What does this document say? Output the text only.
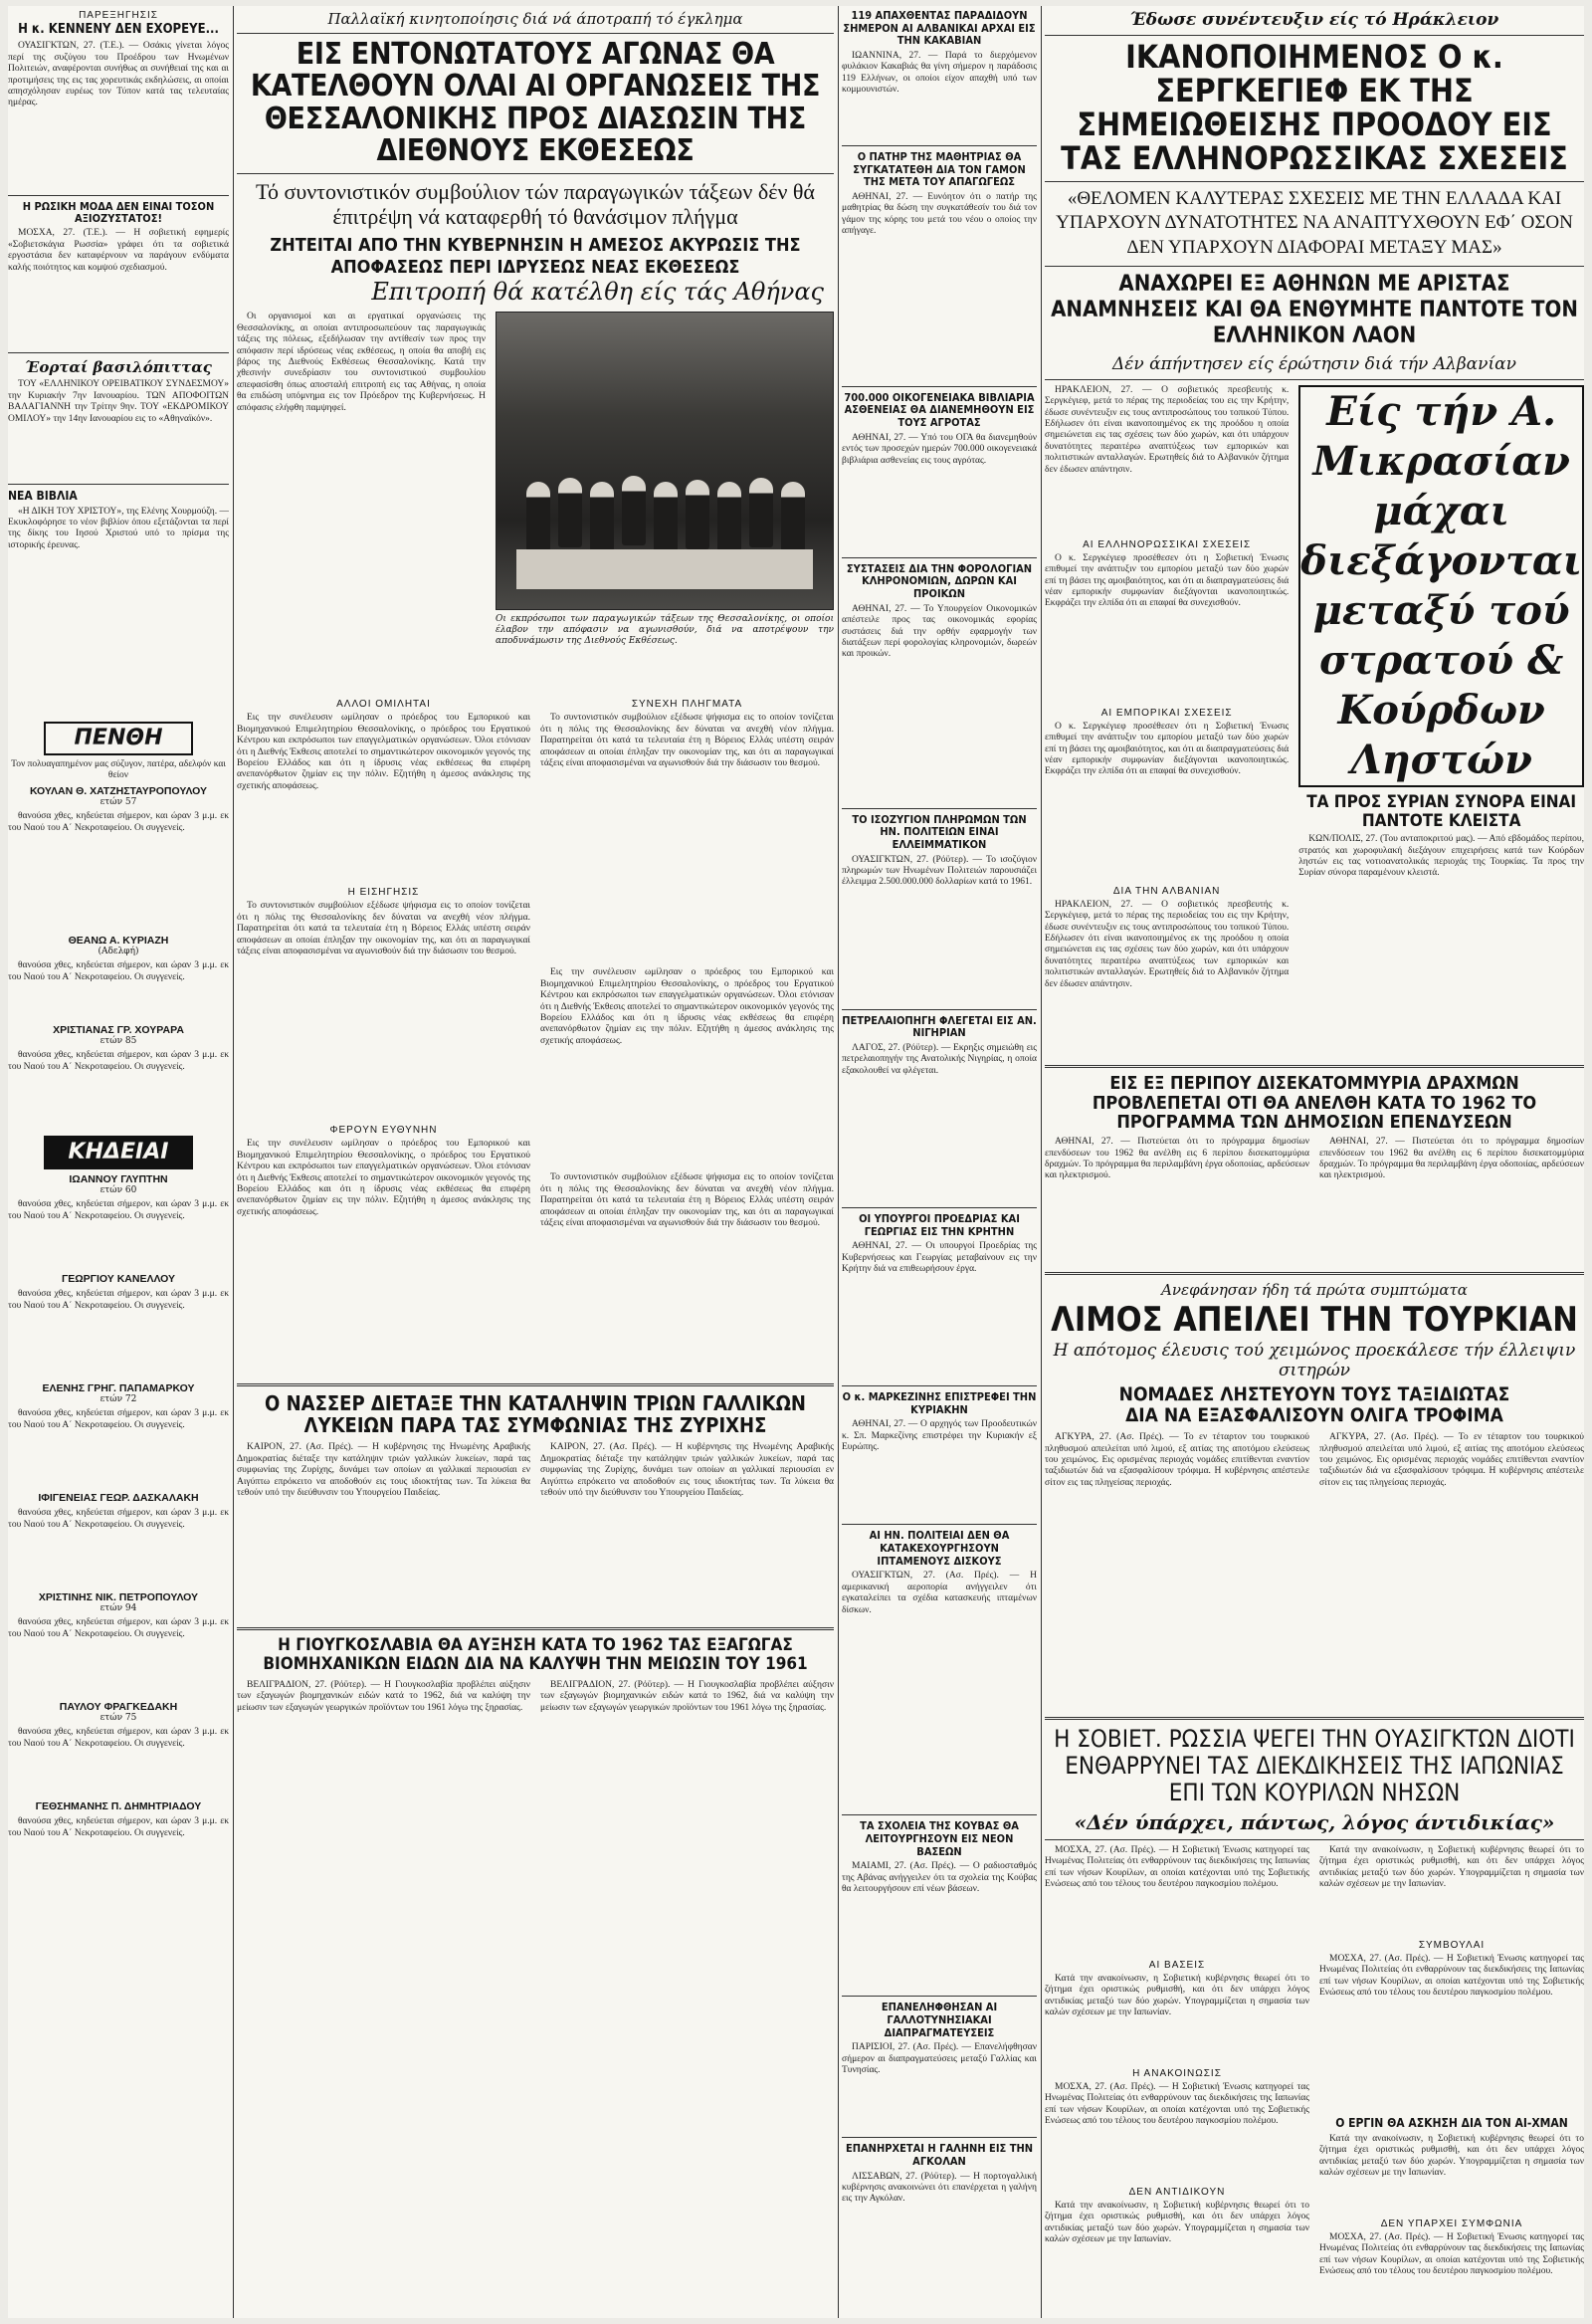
ΠΑΡΕΞΗΓΗΣΙΣ
Η κ. ΚΕΝΝΕΝΥ ΔΕΝ ΕΧΟΡΕΥΕ...
ΟΥΑΣΙΓΚΤΩΝ, 27. (Τ.Ε.). — Οσάκις γίνεται λόγος περί της συζύγου του Προέδρου των Ηνωμένων Πολιτειών, αναφέρονται συνήθως αι συνήθειαί της και αι προτιμήσεις της εις τας χορευτικάς εκδηλώσεις, αι οποίαι απησχόλησαν ευρέως τον Τύπον κατά τας τελευταίας ημέρας.
Η ΡΩΣΙΚΗ ΜΟΔΑ ΔΕΝ ΕΙΝΑΙ ΤΟΣΟΝ ΑΞΙΟΖΥΣΤΑΤΟΣ!
ΜΟΣΧΑ, 27. (Τ.Ε.). — Η σοβιετική εφημερίς «Σοβιετσκάγια Ρωσσία» γράφει ότι τα σοβιετικά εργοστάσια δεν καταφέρνουν να παράγουν ενδύματα καλής ποιότητος και κομψού σχεδιασμού.
Έορταί βασιλόπιττας
ΤΟΥ «ΕΛΛΗΝΙΚΟΥ ΟΡΕΙΒΑΤΙΚΟΥ ΣΥΝΔΕΣΜΟΥ» την Κυριακήν 7ην Ιανουαρίου. ΤΩΝ ΑΠΟΦΟΙΤΩΝ ΒΑΛΑΓΙΑΝΝΗ την Τρίτην 9ην. ΤΟΥ «ΕΚΔΡΟΜΙΚΟΥ ΟΜΙΛΟΥ» την 14ην Ιανουαρίου εις το «Αθηναϊκόν».
ΝΕΑ ΒΙΒΛΙΑ
«Η ΔΙΚΗ ΤΟΥ ΧΡΙΣΤΟΥ», της Ελένης Χουρμούζη. — Εκυκλοφόρησε το νέον βιβλίον όπου εξετάζονται τα περί της δίκης του Ιησού Χριστού υπό το πρίσμα της ιστορικής έρευνας.
ΠΕΝΘΗ
Τον πολυαγαπημένον μας σύζυγον, πατέρα, αδελφόν και θείον
ΚΟΥΛΑΝ Θ. ΧΑΤΖΗΣΤΑΥΡΟΠΟΥΛΟΥ
ετών 57
θανούσα χθες, κηδεύεται σήμερον, και ώραν 3 μ.μ. εκ του Ναού του Α΄ Νεκροταφείου. Οι συγγενείς.
ΘΕΑΝΩ Α. ΚΥΡΙΑΖΗ
(Αδελφή)
θανούσα χθες, κηδεύεται σήμερον, και ώραν 3 μ.μ. εκ του Ναού του Α΄ Νεκροταφείου. Οι συγγενείς.
ΧΡΙΣΤΙΑΝΑΣ ΓΡ. ΧΟΥΡΑΡΑ
ετών 85
θανούσα χθες, κηδεύεται σήμερον, και ώραν 3 μ.μ. εκ του Ναού του Α΄ Νεκροταφείου. Οι συγγενείς.
ΚΗΔΕΙΑΙ
ΙΩΑΝΝΟΥ ΓΛΥΠΤΗΝ
ετών 60
θανούσα χθες, κηδεύεται σήμερον, και ώραν 3 μ.μ. εκ του Ναού του Α΄ Νεκροταφείου. Οι συγγενείς.
ΓΕΩΡΓΙΟΥ ΚΑΝΕΛΛΟΥ
θανούσα χθες, κηδεύεται σήμερον, και ώραν 3 μ.μ. εκ του Ναού του Α΄ Νεκροταφείου. Οι συγγενείς.
ΕΛΕΝΗΣ ΓΡΗΓ. ΠΑΠΑΜΑΡΚΟΥ
ετών 72
θανούσα χθες, κηδεύεται σήμερον, και ώραν 3 μ.μ. εκ του Ναού του Α΄ Νεκροταφείου. Οι συγγενείς.
ΙΦΙΓΕΝΕΙΑΣ ΓΕΩΡ. ΔΑΣΚΑΛΑΚΗ
θανούσα χθες, κηδεύεται σήμερον, και ώραν 3 μ.μ. εκ του Ναού του Α΄ Νεκροταφείου. Οι συγγενείς.
ΧΡΙΣΤΙΝΗΣ ΝΙΚ. ΠΕΤΡΟΠΟΥΛΟΥ
ετών 94
θανούσα χθες, κηδεύεται σήμερον, και ώραν 3 μ.μ. εκ του Ναού του Α΄ Νεκροταφείου. Οι συγγενείς.
ΠΑΥΛΟΥ ΦΡΑΓΚΕΔΑΚΗ
ετών 75
θανούσα χθες, κηδεύεται σήμερον, και ώραν 3 μ.μ. εκ του Ναού του Α΄ Νεκροταφείου. Οι συγγενείς.
ΓΕΘΣΗΜΑΝΗΣ Π. ΔΗΜΗΤΡΙΑΔΟΥ
θανούσα χθες, κηδεύεται σήμερον, και ώραν 3 μ.μ. εκ του Ναού του Α΄ Νεκροταφείου. Οι συγγενείς.
Παλλαϊκή κινητοποίησις διά νά άποτραπή τό έγκλημα
ΕΙΣ ΕΝΤΟΝΩΤΑΤΟΥΣ ΑΓΩΝΑΣ ΘΑ ΚΑΤΕΛΘΟΥΝ ΟΛΑΙ ΑΙ ΟΡΓΑΝΩΣΕΙΣ ΤΗΣ ΘΕΣΣΑΛΟΝΙΚΗΣ ΠΡΟΣ ΔΙΑΣΩΣΙΝ ΤΗΣ ΔΙΕΘΝΟΥΣ ΕΚΘΕΣΕΩΣ
Τό συντονιστικόν συμβούλιον τών παραγωγικών τάξεων δέν θά έπιτρέψη νά καταφερθή τό θανάσιμον πλήγμα
ΖΗΤΕΙΤΑΙ ΑΠΟ ΤΗΝ ΚΥΒΕΡΝΗΣΙΝ Η ΑΜΕΣΟΣ ΑΚΥΡΩΣΙΣ ΤΗΣ ΑΠΟΦΑΣΕΩΣ ΠΕΡΙ ΙΔΡΥΣΕΩΣ ΝΕΑΣ ΕΚΘΕΣΕΩΣ
Επιτροπή θά κατέλθη είς τάς Αθήνας
Οι οργανισμοί και αι εργατικαί οργανώσεις της Θεσσαλονίκης, αι οποίαι αντιπροσωπεύουν τας παραγωγικάς τάξεις της πόλεως, εξεδήλωσαν την αντίθεσίν των προς την απόφασιν περί ιδρύσεως νέας εκθέσεως, η οποία θα αποβή εις βάρος της Διεθνούς Εκθέσεως Θεσσαλονίκης. Κατά την χθεσινήν συνεδρίασιν του συντονιστικού συμβουλίου απεφασίσθη όπως αποσταλή επιτροπή εις τας Αθήνας, η οποία θα επιδώση υπόμνημα εις τον Πρόεδρον της Κυβερνήσεως. Η απόφασις ελήφθη παμψηφεί.
Οι εκπρόσωποι των παραγωγικών τάξεων της Θεσσαλονίκης, οι οποίοι έλαβον την απόφασιν να αγωνισθούν, διά να αποτρέψουν την αποδυνάμωσιν της Διεθνούς Εκθέσεως.
ΑΛΛΟΙ ΟΜΙΛΗΤΑΙ
Εις την συνέλευσιν ωμίλησαν ο πρόεδρος του Εμπορικού και Βιομηχανικού Επιμελητηρίου Θεσσαλονίκης, ο πρόεδρος του Εργατικού Κέντρου και εκπρόσωποι των επαγγελματικών οργανώσεων. Όλοι ετόνισαν ότι η Διεθνής Έκθεσις αποτελεί το σημαντικώτερον οικονομικόν γεγονός της Βορείου Ελλάδος και ότι η ίδρυσις νέας εκθέσεως θα επιφέρη ανεπανόρθωτον ζημίαν εις την πόλιν. Εζητήθη η άμεσος ανάκλησις της σχετικής αποφάσεως.
Η ΕΙΣΗΓΗΣΙΣ
Το συντονιστικόν συμβούλιον εξέδωσε ψήφισμα εις το οποίον τονίζεται ότι η πόλις της Θεσσαλονίκης δεν δύναται να ανεχθή νέον πλήγμα. Παρατηρείται ότι κατά τα τελευταία έτη η Βόρειος Ελλάς υπέστη σειράν αποφάσεων αι οποίαι έπληξαν την οικονομίαν της, και ότι αι παραγωγικαί τάξεις είναι αποφασισμέναι να αγωνισθούν διά την διάσωσιν του θεσμού.
ΦΕΡΟΥΝ ΕΥΘΥΝΗΝ
Εις την συνέλευσιν ωμίλησαν ο πρόεδρος του Εμπορικού και Βιομηχανικού Επιμελητηρίου Θεσσαλονίκης, ο πρόεδρος του Εργατικού Κέντρου και εκπρόσωποι των επαγγελματικών οργανώσεων. Όλοι ετόνισαν ότι η Διεθνής Έκθεσις αποτελεί το σημαντικώτερον οικονομικόν γεγονός της Βορείου Ελλάδος και ότι η ίδρυσις νέας εκθέσεως θα επιφέρη ανεπανόρθωτον ζημίαν εις την πόλιν. Εζητήθη η άμεσος ανάκλησις της σχετικής αποφάσεως.
ΣΥΝΕΧΗ ΠΛΗΓΜΑΤΑ
Το συντονιστικόν συμβούλιον εξέδωσε ψήφισμα εις το οποίον τονίζεται ότι η πόλις της Θεσσαλονίκης δεν δύναται να ανεχθή νέον πλήγμα. Παρατηρείται ότι κατά τα τελευταία έτη η Βόρειος Ελλάς υπέστη σειράν αποφάσεων αι οποίαι έπληξαν την οικονομίαν της, και ότι αι παραγωγικαί τάξεις είναι αποφασισμέναι να αγωνισθούν διά την διάσωσιν του θεσμού.
Εις την συνέλευσιν ωμίλησαν ο πρόεδρος του Εμπορικού και Βιομηχανικού Επιμελητηρίου Θεσσαλονίκης, ο πρόεδρος του Εργατικού Κέντρου και εκπρόσωποι των επαγγελματικών οργανώσεων. Όλοι ετόνισαν ότι η Διεθνής Έκθεσις αποτελεί το σημαντικώτερον οικονομικόν γεγονός της Βορείου Ελλάδος και ότι η ίδρυσις νέας εκθέσεως θα επιφέρη ανεπανόρθωτον ζημίαν εις την πόλιν. Εζητήθη η άμεσος ανάκλησις της σχετικής αποφάσεως.
Το συντονιστικόν συμβούλιον εξέδωσε ψήφισμα εις το οποίον τονίζεται ότι η πόλις της Θεσσαλονίκης δεν δύναται να ανεχθή νέον πλήγμα. Παρατηρείται ότι κατά τα τελευταία έτη η Βόρειος Ελλάς υπέστη σειράν αποφάσεων αι οποίαι έπληξαν την οικονομίαν της, και ότι αι παραγωγικαί τάξεις είναι αποφασισμέναι να αγωνισθούν διά την διάσωσιν του θεσμού.
Ο ΝΑΣΣΕΡ ΔΙΕΤΑΞΕ ΤΗΝ ΚΑΤΑΛΗΨΙΝ ΤΡΙΩΝ ΓΑΛΛΙΚΩΝ ΛΥΚΕΙΩΝ ΠΑΡΑ ΤΑΣ ΣΥΜΦΩΝΙΑΣ ΤΗΣ ΖΥΡΙΧΗΣ
ΚΑΪΡΟΝ, 27. (Ασ. Πρές). — Η κυβέρνησις της Ηνωμένης Αραβικής Δημοκρατίας διέταξε την κατάληψιν τριών γαλλικών λυκείων, παρά τας συμφωνίας της Ζυρίχης, δυνάμει των οποίων αι γαλλικαί περιουσίαι εν Αιγύπτω επρόκειτο να αποδοθούν εις τους ιδιοκτήτας των. Τα λύκεια θα τεθούν υπό την διεύθυνσιν του Υπουργείου Παιδείας.
ΚΑΪΡΟΝ, 27. (Ασ. Πρές). — Η κυβέρνησις της Ηνωμένης Αραβικής Δημοκρατίας διέταξε την κατάληψιν τριών γαλλικών λυκείων, παρά τας συμφωνίας της Ζυρίχης, δυνάμει των οποίων αι γαλλικαί περιουσίαι εν Αιγύπτω επρόκειτο να αποδοθούν εις τους ιδιοκτήτας των. Τα λύκεια θα τεθούν υπό την διεύθυνσιν του Υπουργείου Παιδείας.
Η ΓΙΟΥΓΚΟΣΛΑΒΙΑ ΘΑ ΑΥΞΗΣΗ ΚΑΤΑ ΤΟ 1962 ΤΑΣ ΕΞΑΓΩΓΑΣ ΒΙΟΜΗΧΑΝΙΚΩΝ ΕΙΔΩΝ ΔΙΑ ΝΑ ΚΑΛΥΨΗ ΤΗΝ ΜΕΙΩΣΙΝ ΤΟΥ 1961
ΒΕΛΙΓΡΑΔΙΟΝ, 27. (Ρόϋτερ). — Η Γιουγκοσλαβία προβλέπει αύξησιν των εξαγωγών βιομηχανικών ειδών κατά το 1962, διά να καλύψη την μείωσιν των εξαγωγών γεωργικών προϊόντων του 1961 λόγω της ξηρασίας.
ΒΕΛΙΓΡΑΔΙΟΝ, 27. (Ρόϋτερ). — Η Γιουγκοσλαβία προβλέπει αύξησιν των εξαγωγών βιομηχανικών ειδών κατά το 1962, διά να καλύψη την μείωσιν των εξαγωγών γεωργικών προϊόντων του 1961 λόγω της ξηρασίας.
119 ΑΠΑΧΘΕΝΤΑΣ ΠΑΡΑΔΙΔΟΥΝ ΣΗΜΕΡΟΝ ΑΙ ΑΛΒΑΝΙΚΑΙ ΑΡΧΑΙ ΕΙΣ ΤΗΝ ΚΑΚΑΒΙΑΝ
ΙΩΑΝΝΙΝΑ, 27. — Παρά το διερχόμενον φυλάκιον Κακαβιάς θα γίνη σήμερον η παράδοσις 119 Ελλήνων, οι οποίοι είχον απαχθή υπό των κομμουνιστών.
Ο ΠΑΤΗΡ ΤΗΣ ΜΑΘΗΤΡΙΑΣ ΘΑ ΣΥΓΚΑΤΑΤΕΘΗ ΔΙΑ ΤΟΝ ΓΑΜΟΝ ΤΗΣ ΜΕΤΑ ΤΟΥ ΑΠΑΓΩΓΕΩΣ
ΑΘΗΝΑΙ, 27. — Ευνόητον ότι ο πατήρ της μαθητρίας θα δώση την συγκατάθεσίν του διά τον γάμον της κόρης του μετά του νέου ο οποίος την απήγαγε.
700.000 ΟΙΚΟΓΕΝΕΙΑΚΑ ΒΙΒΛΙΑΡΙΑ ΑΣΘΕΝΕΙΑΣ ΘΑ ΔΙΑΝΕΜΗΘΟΥΝ ΕΙΣ ΤΟΥΣ ΑΓΡΟΤΑΣ
ΑΘΗΝΑΙ, 27. — Υπό του ΟΓΑ θα διανεμηθούν εντός των προσεχών ημερών 700.000 οικογενειακά βιβλιάρια ασθενείας εις τους αγρότας.
ΣΥΣΤΑΣΕΙΣ ΔΙΑ ΤΗΝ ΦΟΡΟΛΟΓΙΑΝ ΚΛΗΡΟΝΟΜΙΩΝ, ΔΩΡΩΝ ΚΑΙ ΠΡΟΙΚΩΝ
ΑΘΗΝΑΙ, 27. — Το Υπουργείον Οικονομικών απέστειλε προς τας οικονομικάς εφορίας συστάσεις διά την ορθήν εφαρμογήν των διατάξεων περί φορολογίας κληρονομιών, δωρεών και προικών.
ΤΟ ΙΣΟΖΥΓΙΟΝ ΠΛΗΡΩΜΩΝ ΤΩΝ ΗΝ. ΠΟΛΙΤΕΙΩΝ ΕΙΝΑΙ ΕΛΛΕΙΜΜΑΤΙΚΟΝ
ΟΥΑΣΙΓΚΤΩΝ, 27. (Ρόϋτερ). — Το ισοζύγιον πληρωμών των Ηνωμένων Πολιτειών παρουσιάζει έλλειμμα 2.500.000.000 δολλαρίων κατά το 1961.
ΠΕΤΡΕΛΑΙΟΠΗΓΗ ΦΛΕΓΕΤΑΙ ΕΙΣ ΑΝ. ΝΙΓΗΡΙΑΝ
ΛΑΓΟΣ, 27. (Ρόϋτερ). — Εκρηξις σημειώθη εις πετρελαιοπηγήν της Ανατολικής Νιγηρίας, η οποία εξακολουθεί να φλέγεται.
ΟΙ ΥΠΟΥΡΓΟΙ ΠΡΟΕΔΡΙΑΣ ΚΑΙ ΓΕΩΡΓΙΑΣ ΕΙΣ ΤΗΝ ΚΡΗΤΗΝ
ΑΘΗΝΑΙ, 27. — Οι υπουργοί Προεδρίας της Κυβερνήσεως και Γεωργίας μεταβαίνουν εις την Κρήτην διά να επιθεωρήσουν έργα.
Ο κ. ΜΑΡΚΕΖΙΝΗΣ ΕΠΙΣΤΡΕΦΕΙ ΤΗΝ ΚΥΡΙΑΚΗΝ
ΑΘΗΝΑΙ, 27. — Ο αρχηγός των Προοδευτικών κ. Σπ. Μαρκεζίνης επιστρέφει την Κυριακήν εξ Ευρώπης.
ΑΙ ΗΝ. ΠΟΛΙΤΕΙΑΙ ΔΕΝ ΘΑ ΚΑΤΑΚΕΧΟΥΡΓΗΣΟΥΝ ΙΠΤΑΜΕΝΟΥΣ ΔΙΣΚΟΥΣ
ΟΥΑΣΙΓΚΤΩΝ, 27. (Ασ. Πρές). — Η αμερικανική αεροπορία ανήγγειλεν ότι εγκαταλείπει τα σχέδια κατασκευής ιπταμένων δίσκων.
ΤΑ ΣΧΟΛΕΙΑ ΤΗΣ ΚΟΥΒΑΣ ΘΑ ΛΕΙΤΟΥΡΓΗΣΟΥΝ ΕΙΣ ΝΕΟΝ ΒΑΣΕΩΝ
ΜΑΪΑΜΙ, 27. (Ασ. Πρές). — Ο ραδιοσταθμός της Αβάνας ανήγγειλεν ότι τα σχολεία της Κούβας θα λειτουργήσουν επί νέων βάσεων.
ΕΠΑΝΕΛΗΦΘΗΣΑΝ ΑΙ ΓΑΛΛΟΤΥΝΗΣΙΑΚΑΙ ΔΙΑΠΡΑΓΜΑΤΕΥΣΕΙΣ
ΠΑΡΙΣΙΟΙ, 27. (Ασ. Πρές). — Επανελήφθησαν σήμερον αι διαπραγματεύσεις μεταξύ Γαλλίας και Τυνησίας.
ΕΠΑΝΗΡΧΕΤΑΙ Η ΓΑΛΗΝΗ ΕΙΣ ΤΗΝ ΑΓΚΟΛΑΝ
ΛΙΣΣΑΒΩΝ, 27. (Ρόϋτερ). — Η πορτογαλλική κυβέρνησις ανακοινώνει ότι επανέρχεται η γαλήνη εις την Αγκόλαν.
Έδωσε συνέντευξιν είς τό Ηράκλειον
ΙΚΑΝΟΠΟΙΗΜΕΝΟΣ Ο κ. ΣΕΡΓΚΕΓΙΕΦ ΕΚ ΤΗΣ ΣΗΜΕΙΩΘΕΙΣΗΣ ΠΡΟΟΔΟΥ ΕΙΣ ΤΑΣ ΕΛΛΗΝΟΡΩΣΣΙΚΑΣ ΣΧΕΣΕΙΣ
«ΘΕΛΟΜΕΝ ΚΑΛΥΤΕΡΑΣ ΣΧΕΣΕΙΣ ΜΕ ΤΗΝ ΕΛΛΑΔΑ ΚΑΙ ΥΠΑΡΧΟΥΝ ΔΥΝΑΤΟΤΗΤΕΣ ΝΑ ΑΝΑΠΤΥΧΘΟΥΝ ΕΦ΄ ΟΣΟΝ ΔΕΝ ΥΠΑΡΧΟΥΝ ΔΙΑΦΟΡΑΙ ΜΕΤΑΞΥ ΜΑΣ»
ΑΝΑΧΩΡΕΙ ΕΞ ΑΘΗΝΩΝ ΜΕ ΑΡΙΣΤΑΣ ΑΝΑΜΝΗΣΕΙΣ ΚΑΙ ΘΑ ΕΝΘΥΜΗΤΕ ΠΑΝΤΟΤΕ ΤΟΝ ΕΛΛΗΝΙΚΟΝ ΛΑΟΝ
Δέν άπήντησεν είς έρώτησιν διά τήν Αλβανίαν
ΗΡΑΚΛΕΙΟΝ, 27. — Ο σοβιετικός πρεσβευτής κ. Σεργκέγιεφ, μετά το πέρας της περιοδείας του εις την Κρήτην, έδωσε συνέντευξιν εις τους αντιπροσώπους του τοπικού Τύπου. Εδήλωσεν ότι είναι ικανοποιημένος εκ της προόδου η οποία σημειώνεται εις τας σχέσεις των δύο χωρών, και ότι υπάρχουν δυνατότητες περαιτέρω αναπτύξεως των εμπορικών και πολιτιστικών ανταλλαγών. Ερωτηθείς διά το Αλβανικόν ζήτημα δεν έδωσεν απάντησιν.
ΑΙ ΕΛΛΗΝΟΡΩΣΣΙΚΑΙ ΣΧΕΣΕΙΣ
Ο κ. Σεργκέγιεφ προσέθεσεν ότι η Σοβιετική Ένωσις επιθυμεί την ανάπτυξιν του εμπορίου μεταξύ των δύο χωρών επί τη βάσει της αμοιβαιότητος, και ότι αι διαπραγματεύσεις διά νέαν εμπορικήν συμφωνίαν διεξάγονται ικανοποιητικώς. Εκφράζει την ελπίδα ότι αι επαφαί θα συνεχισθούν.
ΑΙ ΕΜΠΟΡΙΚΑΙ ΣΧΕΣΕΙΣ
Ο κ. Σεργκέγιεφ προσέθεσεν ότι η Σοβιετική Ένωσις επιθυμεί την ανάπτυξιν του εμπορίου μεταξύ των δύο χωρών επί τη βάσει της αμοιβαιότητος, και ότι αι διαπραγματεύσεις διά νέαν εμπορικήν συμφωνίαν διεξάγονται ικανοποιητικώς. Εκφράζει την ελπίδα ότι αι επαφαί θα συνεχισθούν.
ΔΙΑ ΤΗΝ ΑΛΒΑΝΙΑΝ
ΗΡΑΚΛΕΙΟΝ, 27. — Ο σοβιετικός πρεσβευτής κ. Σεργκέγιεφ, μετά το πέρας της περιοδείας του εις την Κρήτην, έδωσε συνέντευξιν εις τους αντιπροσώπους του τοπικού Τύπου. Εδήλωσεν ότι είναι ικανοποιημένος εκ της προόδου η οποία σημειώνεται εις τας σχέσεις των δύο χωρών, και ότι υπάρχουν δυνατότητες περαιτέρω αναπτύξεως των εμπορικών και πολιτιστικών ανταλλαγών. Ερωτηθείς διά το Αλβανικόν ζήτημα δεν έδωσεν απάντησιν.
Είς τήν Α. Μικρασίαν μάχαι διεξάγονται μεταξύ τού στρατού & Κούρδων Ληστών
ΤΑ ΠΡΟΣ ΣΥΡΙΑΝ ΣΥΝΟΡΑ ΕΙΝΑΙ ΠΑΝΤΟΤΕ ΚΛΕΙΣΤΑ
ΚΩΝ/ΠΟΛΙΣ, 27. (Του ανταποκριτού μας). — Από εβδομάδος περίπου, στρατός και χωροφυλακή διεξάγουν επιχειρήσεις κατά των Κούρδων ληστών εις τας νοτιοανατολικάς περιοχάς της Τουρκίας. Τα προς την Συρίαν σύνορα παραμένουν κλειστά.
ΕΙΣ ΕΞ ΠΕΡΙΠΟΥ ΔΙΣΕΚΑΤΟΜΜΥΡΙΑ ΔΡΑΧΜΩΝ ΠΡΟΒΛΕΠΕΤΑΙ ΟΤΙ ΘΑ ΑΝΕΛΘΗ ΚΑΤΑ ΤΟ 1962 ΤΟ ΠΡΟΓΡΑΜΜΑ ΤΩΝ ΔΗΜΟΣΙΩΝ ΕΠΕΝΔΥΣΕΩΝ
ΑΘΗΝΑΙ, 27. — Πιστεύεται ότι το πρόγραμμα δημοσίων επενδύσεων του 1962 θα ανέλθη εις 6 περίπου δισεκατομμύρια δραχμών. Το πρόγραμμα θα περιλαμβάνη έργα οδοποιίας, αρδεύσεων και ηλεκτρισμού.
ΑΘΗΝΑΙ, 27. — Πιστεύεται ότι το πρόγραμμα δημοσίων επενδύσεων του 1962 θα ανέλθη εις 6 περίπου δισεκατομμύρια δραχμών. Το πρόγραμμα θα περιλαμβάνη έργα οδοποιίας, αρδεύσεων και ηλεκτρισμού.
Ανεφάνησαν ήδη τά πρώτα συμπτώματα
ΛΙΜΟΣ ΑΠΕΙΛΕΙ ΤΗΝ ΤΟΥΡΚΙΑΝ
Η απότομος έλευσις τού χειμώνος προεκάλεσε τήν έλλειψιν σιτηρών
ΝΟΜΑΔΕΣ ΛΗΣΤΕΥΟΥΝ ΤΟΥΣ ΤΑΞΙΔΙΩΤΑΣ
ΔΙΑ ΝΑ ΕΞΑΣΦΑΛΙΣΟΥΝ ΟΛΙΓΑ ΤΡΟΦΙΜΑ
ΑΓΚΥΡΑ, 27. (Ασ. Πρές). — Το εν τέταρτον του τουρκικού πληθυσμού απειλείται υπό λιμού, εξ αιτίας της αποτόμου ελεύσεως του χειμώνος. Εις ορισμένας περιοχάς νομάδες επιτίθενται εναντίον ταξιδιωτών διά να εξασφαλίσουν τρόφιμα. Η κυβέρνησις απέστειλε σίτον εις τας πληγείσας περιοχάς.
ΑΓΚΥΡΑ, 27. (Ασ. Πρές). — Το εν τέταρτον του τουρκικού πληθυσμού απειλείται υπό λιμού, εξ αιτίας της αποτόμου ελεύσεως του χειμώνος. Εις ορισμένας περιοχάς νομάδες επιτίθενται εναντίον ταξιδιωτών διά να εξασφαλίσουν τρόφιμα. Η κυβέρνησις απέστειλε σίτον εις τας πληγείσας περιοχάς.
Η ΣΟΒΙΕΤ. ΡΩΣΣΙΑ ΨΕΓΕΙ ΤΗΝ ΟΥΑΣΙΓΚΤΩΝ ΔΙΟΤΙ ΕΝΘΑΡΡΥΝΕΙ ΤΑΣ ΔΙΕΚΔΙΚΗΣΕΙΣ ΤΗΣ ΙΑΠΩΝΙΑΣ ΕΠΙ ΤΩΝ ΚΟΥΡΙΛΩΝ ΝΗΣΩΝ
«Δέν ύπάρχει, πάντως, λόγος άντιδικίας»
ΜΟΣΧΑ, 27. (Ασ. Πρές). — Η Σοβιετική Ένωσις κατηγορεί τας Ηνωμένας Πολιτείας ότι ενθαρρύνουν τας διεκδικήσεις της Ιαπωνίας επί των νήσων Κουρίλων, αι οποίαι κατέχονται υπό της Σοβιετικής Ενώσεως από του τέλους του δευτέρου παγκοσμίου πολέμου.
ΑΙ ΒΑΣΕΙΣ
Κατά την ανακοίνωσιν, η Σοβιετική κυβέρνησις θεωρεί ότι το ζήτημα έχει οριστικώς ρυθμισθή, και ότι δεν υπάρχει λόγος αντιδικίας μεταξύ των δύο χωρών. Υπογραμμίζεται η σημασία των καλών σχέσεων με την Ιαπωνίαν.
Η ΑΝΑΚΟΙΝΩΣΙΣ
ΜΟΣΧΑ, 27. (Ασ. Πρές). — Η Σοβιετική Ένωσις κατηγορεί τας Ηνωμένας Πολιτείας ότι ενθαρρύνουν τας διεκδικήσεις της Ιαπωνίας επί των νήσων Κουρίλων, αι οποίαι κατέχονται υπό της Σοβιετικής Ενώσεως από του τέλους του δευτέρου παγκοσμίου πολέμου.
ΔΕΝ ΑΝΤΙΔΙΚΟΥΝ
Κατά την ανακοίνωσιν, η Σοβιετική κυβέρνησις θεωρεί ότι το ζήτημα έχει οριστικώς ρυθμισθή, και ότι δεν υπάρχει λόγος αντιδικίας μεταξύ των δύο χωρών. Υπογραμμίζεται η σημασία των καλών σχέσεων με την Ιαπωνίαν.
Κατά την ανακοίνωσιν, η Σοβιετική κυβέρνησις θεωρεί ότι το ζήτημα έχει οριστικώς ρυθμισθή, και ότι δεν υπάρχει λόγος αντιδικίας μεταξύ των δύο χωρών. Υπογραμμίζεται η σημασία των καλών σχέσεων με την Ιαπωνίαν.
ΣΥΜΒΟΥΛΑΙ
ΜΟΣΧΑ, 27. (Ασ. Πρές). — Η Σοβιετική Ένωσις κατηγορεί τας Ηνωμένας Πολιτείας ότι ενθαρρύνουν τας διεκδικήσεις της Ιαπωνίας επί των νήσων Κουρίλων, αι οποίαι κατέχονται υπό της Σοβιετικής Ενώσεως από του τέλους του δευτέρου παγκοσμίου πολέμου.
Ο ΕΡΓΙΝ ΘΑ ΑΣΚΗΣΗ ΔΙΑ ΤΟΝ ΑΙ-ΧΜΑΝ
Κατά την ανακοίνωσιν, η Σοβιετική κυβέρνησις θεωρεί ότι το ζήτημα έχει οριστικώς ρυθμισθή, και ότι δεν υπάρχει λόγος αντιδικίας μεταξύ των δύο χωρών. Υπογραμμίζεται η σημασία των καλών σχέσεων με την Ιαπωνίαν.
ΔΕΝ ΥΠΑΡΧΕΙ ΣΥΜΦΩΝΙΑ
ΜΟΣΧΑ, 27. (Ασ. Πρές). — Η Σοβιετική Ένωσις κατηγορεί τας Ηνωμένας Πολιτείας ότι ενθαρρύνουν τας διεκδικήσεις της Ιαπωνίας επί των νήσων Κουρίλων, αι οποίαι κατέχονται υπό της Σοβιετικής Ενώσεως από του τέλους του δευτέρου παγκοσμίου πολέμου.
